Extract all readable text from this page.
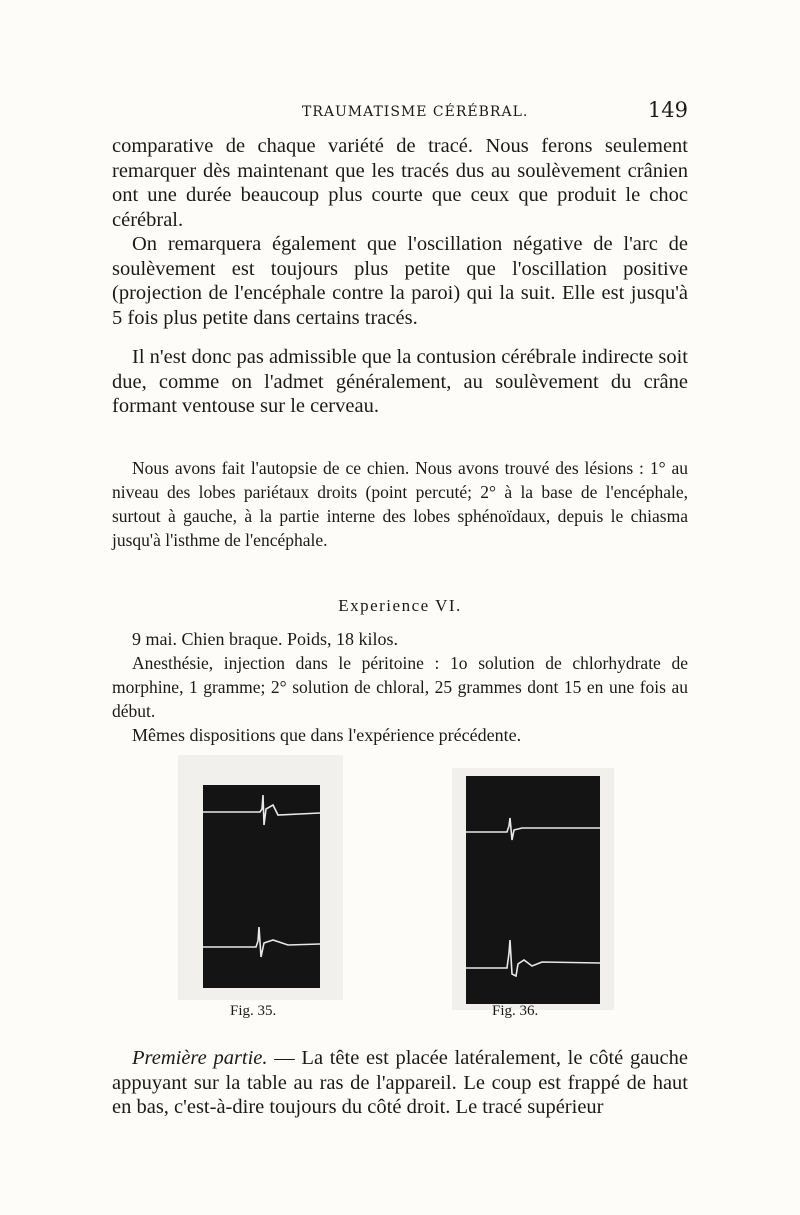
TRAUMATISME CÉRÉBRAL.	149

comparative de chaque variété de tracé. Nous ferons seulement remarquer dès maintenant que les tracés dus au soulèvement crânien ont une durée beaucoup plus courte que ceux que produit le choc cérébral.

On remarquera également que l'oscillation négative de l'arc de soulèvement est toujours plus petite que l'oscillation positive (projection de l'encéphale contre la paroi) qui la suit. Elle est jusqu'à 5 fois plus petite dans certains tracés.

Il n'est donc pas admissible que la contusion cérébrale indirecte soit due, comme on l'admet généralement, au soulèvement du crâne formant ventouse sur le cerveau.

Nous avons fait l'autopsie de ce chien. Nous avons trouvé des lésions : 1° au niveau des lobes pariétaux droits (point percuté; 2° à la base de l'encéphale, surtout à gauche, à la partie interne des lobes sphénoïdaux, depuis le chiasma jusqu'à l'isthme de l'encéphale.

Experience VI.

9 mai. Chien braque. Poids, 18 kilos.

Anesthésie, injection dans le péritoine : 1o solution de chlorhydrate de morphine, 1 gramme; 2° solution de chloral, 25 grammes dont 15 en une fois au début.

Mêmes dispositions que dans l'expérience précédente.

Fig. 35.	Fig. 36.

Première partie. — La tête est placée latéralement, le côté gauche appuyant sur la table au ras de l'appareil. Le coup est frappé de haut en bas, c'est-à-dire toujours du côté droit. Le tracé supérieur
